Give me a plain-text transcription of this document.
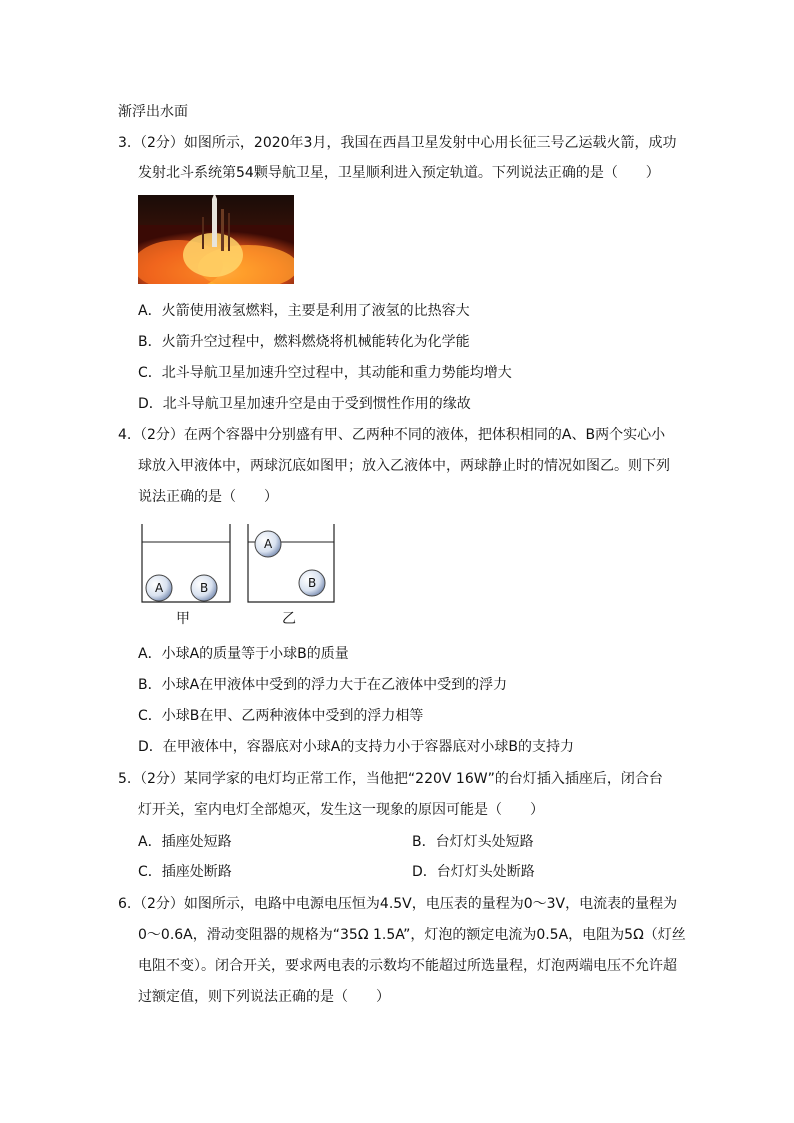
渐浮出水面
3. （2分）如图所示，2020年3月，我国在西昌卫星发射中心用长征三号乙运载火箭，成功
发射北斗系统第54颗导航卫星，卫星顺利进入预定轨道。下列说法正确的是（　　）
A．火箭使用液氢燃料，主要是利用了液氢的比热容大
B．火箭升空过程中，燃料燃烧将机械能转化为化学能
C．北斗导航卫星加速升空过程中，其动能和重力势能均增大
D．北斗导航卫星加速升空是由于受到惯性作用的缘故
4. （2分）在两个容器中分别盛有甲、乙两种不同的液体，把体积相同的A、B两个实心小
球放入甲液体中，两球沉底如图甲；放入乙液体中，两球静止时的情况如图乙。则下列
说法正确的是（　　）
A	B
A
B
甲	乙
A．小球A的质量等于小球B的质量
B．小球A在甲液体中受到的浮力大于在乙液体中受到的浮力
C．小球B在甲、乙两种液体中受到的浮力相等
D．在甲液体中，容器底对小球A的支持力小于容器底对小球B的支持力
5. （2分）某同学家的电灯均正常工作，当他把“220V 16W”的台灯插入插座后，闭合台
灯开关，室内电灯全部熄灭，发生这一现象的原因可能是（　　）
A．插座处短路	B．台灯灯头处短路
C．插座处断路	D．台灯灯头处断路
6. （2分）如图所示，电路中电源电压恒为4.5V，电压表的量程为0～3V，电流表的量程为
0～0.6A，滑动变阻器的规格为“35Ω 1.5A”，灯泡的额定电流为0.5A，电阻为5Ω（灯丝
电阻不变）。闭合开关，要求两电表的示数均不能超过所选量程，灯泡两端电压不允许超
过额定值，则下列说法正确的是（　　）
